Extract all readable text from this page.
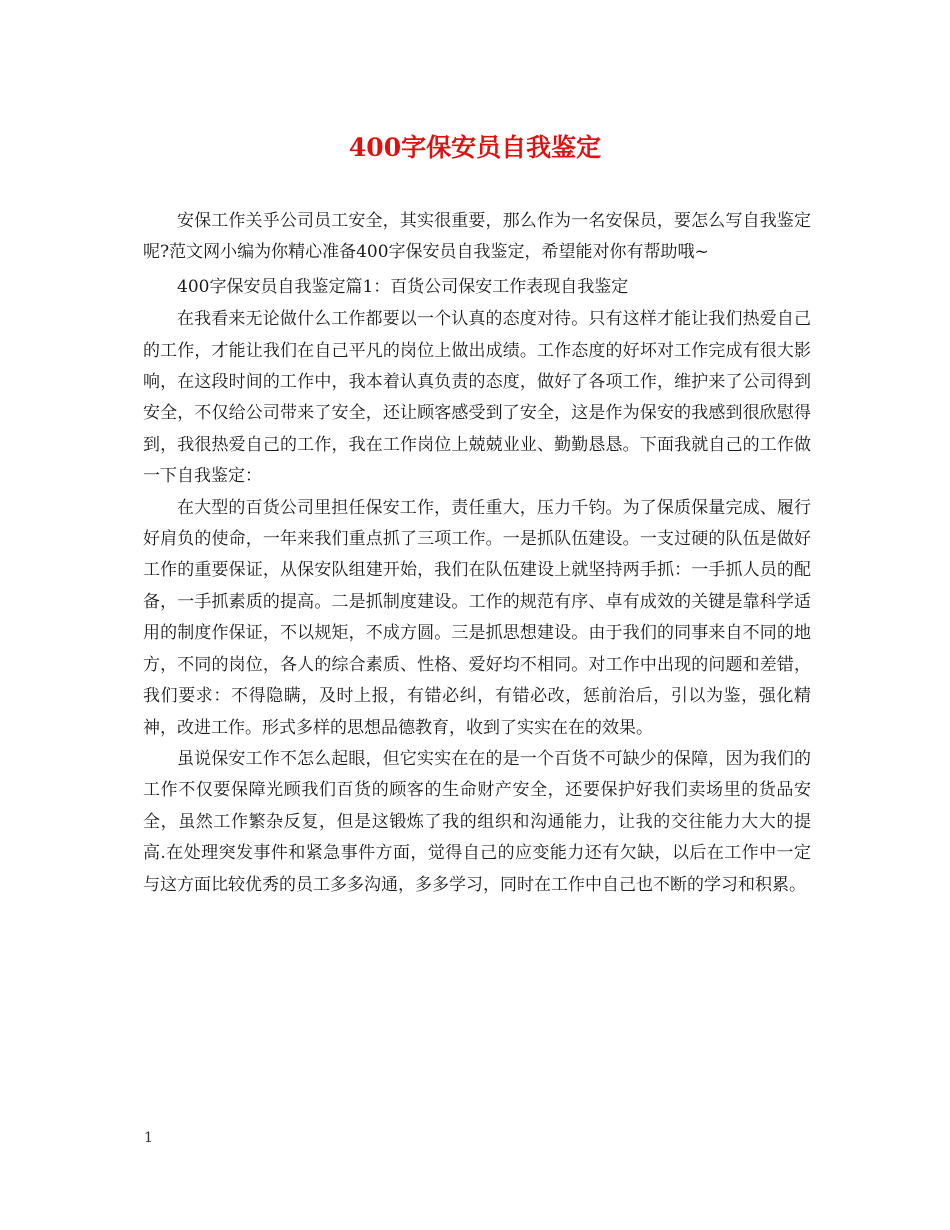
400字保安员自我鉴定

安保工作关乎公司员工安全，其实很重要，那么作为一名安保员，要怎么写自我鉴定呢?范文网小编为你精心准备400字保安员自我鉴定，希望能对你有帮助哦~

400字保安员自我鉴定篇1：百货公司保安工作表现自我鉴定

在我看来无论做什么工作都要以一个认真的态度对待。只有这样才能让我们热爱自己的工作，才能让我们在自己平凡的岗位上做出成绩。工作态度的好坏对工作完成有很大影响，在这段时间的工作中，我本着认真负责的态度，做好了各项工作，维护来了公司得到安全，不仅给公司带来了安全，还让顾客感受到了安全，这是作为保安的我感到很欣慰得到，我很热爱自己的工作，我在工作岗位上兢兢业业、勤勤恳恳。下面我就自己的工作做一下自我鉴定：

在大型的百货公司里担任保安工作，责任重大，压力千钧。为了保质保量完成、履行好肩负的使命，一年来我们重点抓了三项工作。一是抓队伍建设。一支过硬的队伍是做好工作的重要保证，从保安队组建开始，我们在队伍建设上就坚持两手抓：一手抓人员的配备，一手抓素质的提高。二是抓制度建设。工作的规范有序、卓有成效的关键是靠科学适用的制度作保证，不以规矩，不成方圆。三是抓思想建设。由于我们的同事来自不同的地方，不同的岗位，各人的综合素质、性格、爱好均不相同。对工作中出现的问题和差错，我们要求：不得隐瞒，及时上报，有错必纠，有错必改，惩前治后，引以为鉴，强化精神，改进工作。形式多样的思想品德教育，收到了实实在在的效果。

虽说保安工作不怎么起眼，但它实实在在的是一个百货不可缺少的保障，因为我们的工作不仅要保障光顾我们百货的顾客的生命财产安全，还要保护好我们卖场里的货品安全，虽然工作繁杂反复，但是这锻炼了我的组织和沟通能力，让我的交往能力大大的提高.在处理突发事件和紧急事件方面，觉得自己的应变能力还有欠缺，以后在工作中一定与这方面比较优秀的员工多多沟通，多多学习，同时在工作中自己也不断的学习和积累。

1
